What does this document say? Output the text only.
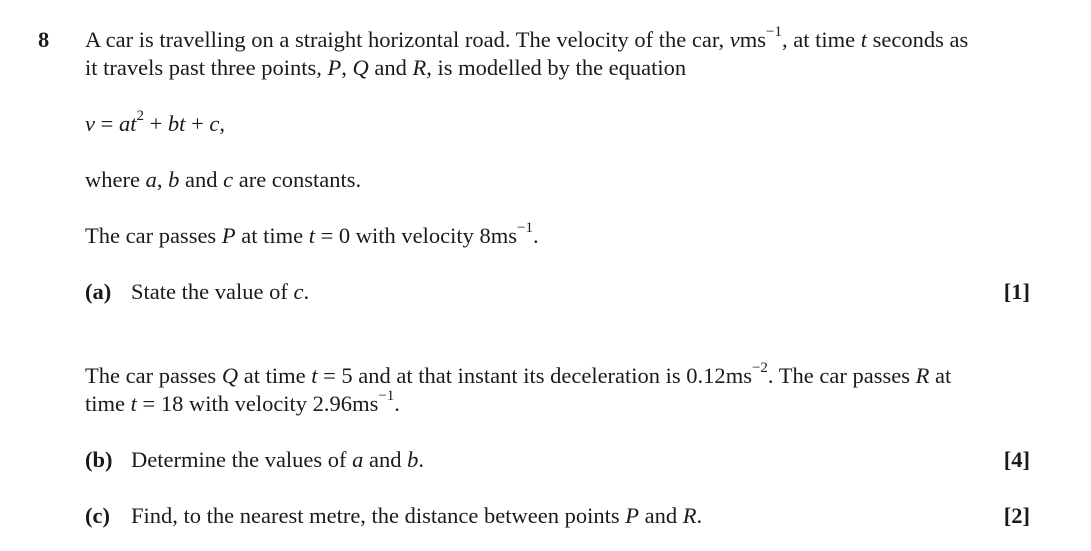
8 A car is travelling on a straight horizontal road. The velocity of the car, vms$^{-1}$, at time t seconds as
it travels past three points, P, Q and R, is modelled by the equation
$v = at^2$ + bt + c,
where a, b and c are constants.
The car passes P at time t = 0 with velocity $8ms^{-1}$.
(a) State the value of c.	[1]
The car passes Q at time t = 5 and at that instant its deceleration is $0.12ms^{-2}$. The car passes R at
time t = 18 with velocity $2.96ms^{-1}$.
(b) Determine the values of a and b.	[4]
(c) Find, to the nearest metre, the distance between points P and R.	[2]
